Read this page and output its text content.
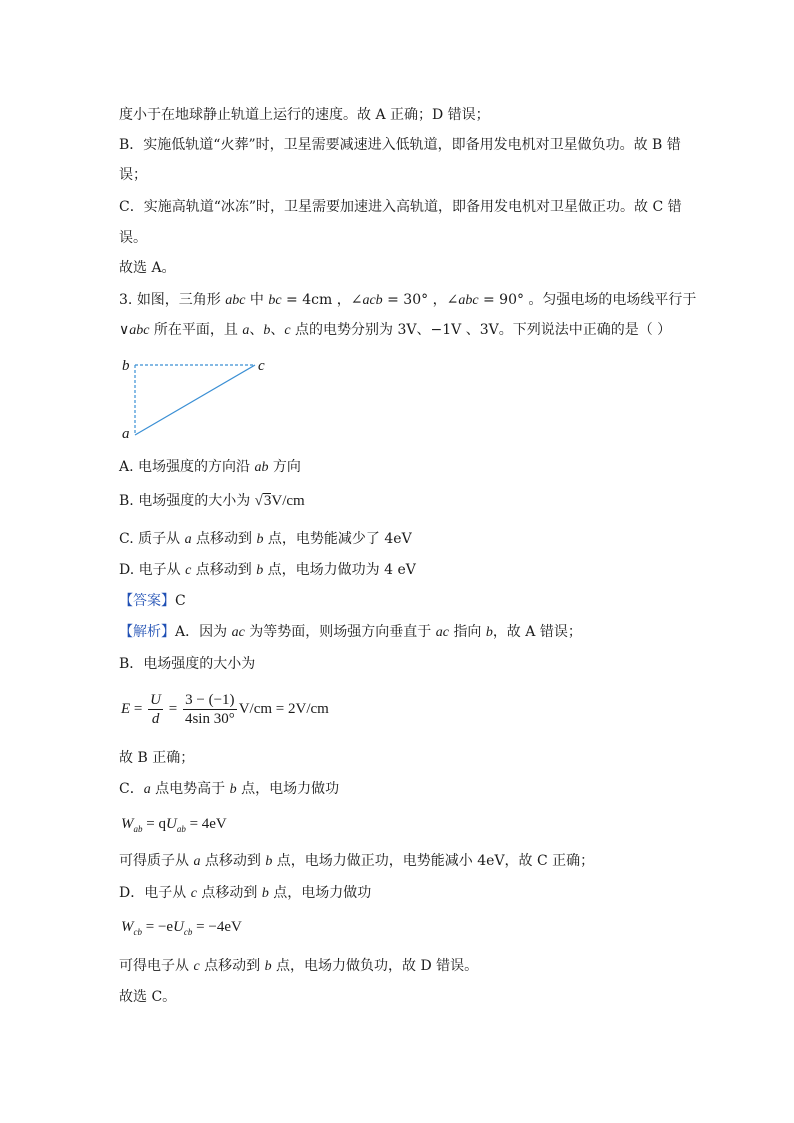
度小于在地球静止轨道上运行的速度。故 A 正确；D 错误；
B．实施低轨道“火葬”时，卫星需要减速进入低轨道，即备用发电机对卫星做负功。故 B 错
误；
C．实施高轨道“冰冻”时，卫星需要加速进入高轨道，即备用发电机对卫星做正功。故 C 错
误。
故选 A。
3. 如图，三角形 abc 中 bc = 4cm ，∠acb = 30° ，∠abc = 90° 。匀强电场的电场线平行于
∨abc 所在平面，且 a、b、c 点的电势分别为 3V、−1V 、3V。下列说法中正确的是（ ）
b	c
a
A. 电场强度的方向沿 ab 方向
B. 电场强度的大小为 √3V/cm
C. 质子从 a 点移动到 b 点，电势能减少了 4eV
D. 电子从 c 点移动到 b 点，电场力做功为 4 eV
【答案】C
【解析】A．因为 ac 为等势面，则场强方向垂直于 ac 指向 b，故 A 错误；
B．电场强度的大小为
$E = \frac{U}{d} = \frac{3 - (-1)}{4\sin 30^\circ} V/cm = 2V/cm$
故 B 正确；
C．a 点电势高于 b 点，电场力做功
$W_{ab} = qU_{ab} = 4eV$
可得质子从 a 点移动到 b 点，电场力做正功，电势能减小 4eV，故 C 正确；
D．电子从 c 点移动到 b 点，电场力做功
$W_{cb} = -eU_{cb} = -4eV$
可得电子从 c 点移动到 b 点，电场力做负功，故 D 错误。
故选 C。
